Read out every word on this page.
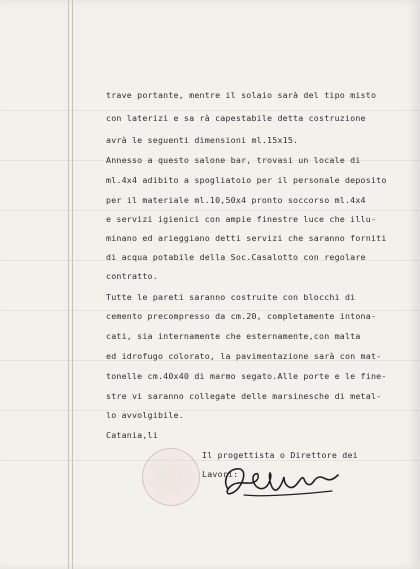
trave portante, mentre il solaio sarà del tipo misto
con laterizi e sa rà capestabile detta costruzione
avrà le seguenti dimensioni ml.15x15.
Annesso a questo salone bar, trovasi un locale di
ml.4x4 adibito a spogliatoio per il personale deposito
per il materiale ml.10,50x4 pronto soccorso ml.4x4
e servizi igienici con ampie finestre luce che illu-
minano ed arieggiano detti servizi che saranno forniti
di acqua potabile della Soc.Casalotto con regolare
contratto.
Tutte le pareti saranno costruite con blocchi di
cemento precompresso da cm.20, completamente intona-
cati, sia internamente che esternamente,con malta
ed idrofugo colorato, la pavimentazione sarà con mat-
tonelle cm.40x40 di marmo segato.Alle porte e le fine-
stre vi saranno collegate delle marsinesche di metal-
lo avvolgibile.
Catania,li
Il progettista o Direttore dei
Lavori:
